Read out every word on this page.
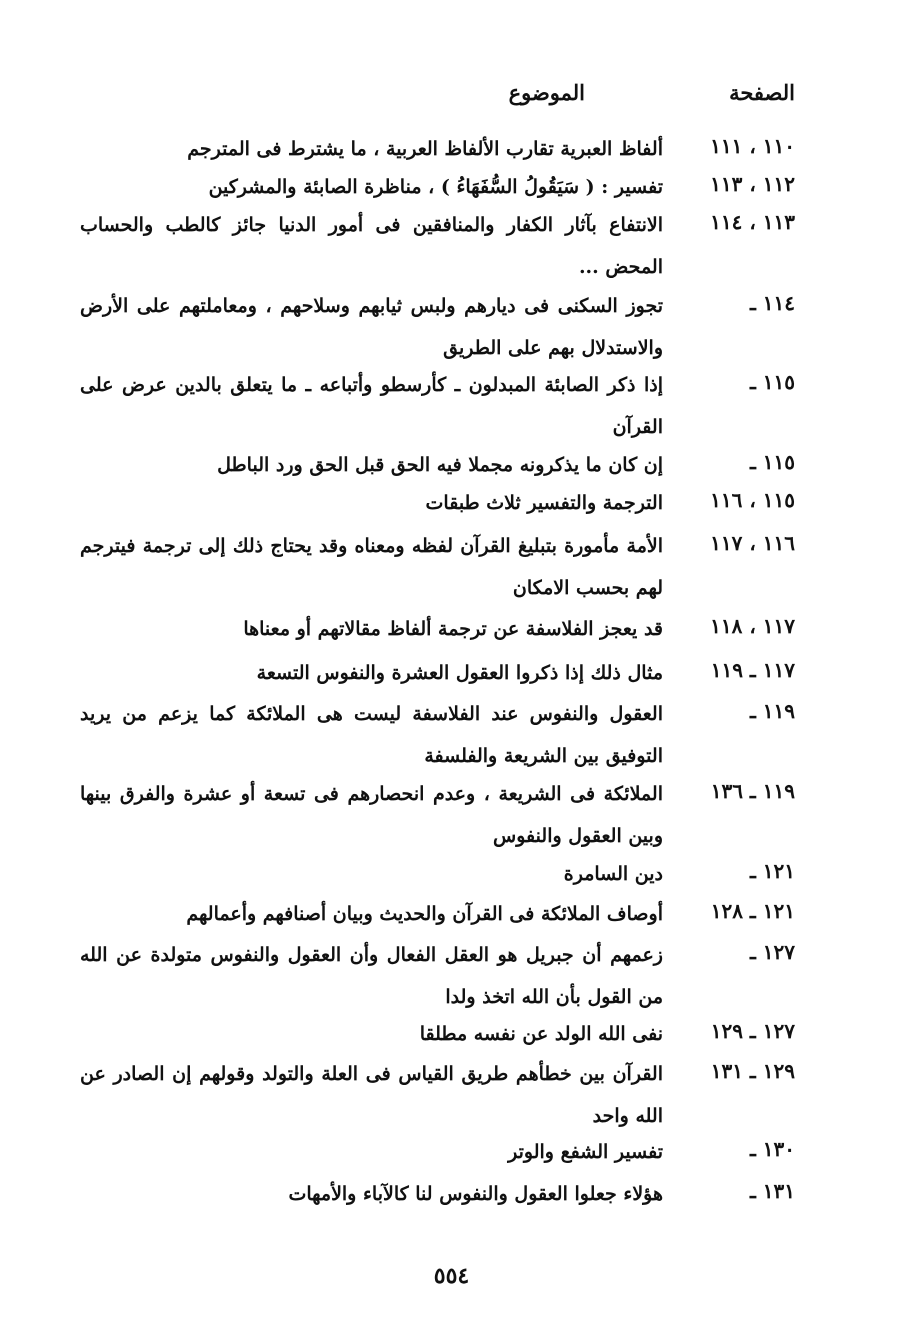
الصفحة
الموضوع
١١٠ ، ١١١
ألفاظ العبرية تقارب الألفاظ العربية ، ما يشترط فى المترجم
١١٢ ، ١١٣
تفسير : ( سَيَقُولُ السُّفَهَاءُ ) ، مناظرة الصابئة والمشركين
١١٣ ، ١١٤
الانتفاع بآثار الكفار والمنافقين فى أمور الدنيا جائز كالطب والحساب المحض ...
١١٤ ـ
تجوز السكنى فى ديارهم ولبس ثيابهم وسلاحهم ، ومعاملتهم على الأرض والاستدلال بهم على الطريق
١١٥ ـ
إذا ذكر الصابئة المبدلون ـ كأرسطو وأتباعه ـ ما يتعلق بالدين عرض على القرآن
١١٥ ـ
إن كان ما يذكرونه مجملا فيه الحق قبل الحق ورد الباطل
١١٥ ، ١١٦
الترجمة والتفسير ثلاث طبقات
١١٦ ، ١١٧
الأمة مأمورة بتبليغ القرآن لفظه ومعناه وقد يحتاج ذلك إلى ترجمة فيترجم لهم بحسب الامكان
١١٧ ، ١١٨
قد يعجز الفلاسفة عن ترجمة ألفاظ مقالاتهم أو معناها
١١٧ ـ ١١٩
مثال ذلك إذا ذكروا العقول العشرة والنفوس التسعة
١١٩ ـ
العقول والنفوس عند الفلاسفة ليست هى الملائكة كما يزعم من يريد التوفيق بين الشريعة والفلسفة
١١٩ ـ ١٣٦
الملائكة فى الشريعة ، وعدم انحصارهم فى تسعة أو عشرة والفرق بينها وبين العقول والنفوس
١٢١ ـ
دين السامرة
١٢١ ـ ١٢٨
أوصاف الملائكة فى القرآن والحديث وبيان أصنافهم وأعمالهم
١٢٧ ـ
زعمهم أن جبريل هو العقل الفعال وأن العقول والنفوس متولدة عن الله من القول بأن الله اتخذ ولدا
١٢٧ ـ ١٢٩
نفى الله الولد عن نفسه مطلقا
١٢٩ ـ ١٣١
القرآن بين خطأهم طريق القياس فى العلة والتولد وقولهم إن الصادر عن الله واحد
١٣٠ ـ
تفسير الشفع والوتر
١٣١ ـ
هؤلاء جعلوا العقول والنفوس لنا كالآباء والأمهات
٥٥٤
